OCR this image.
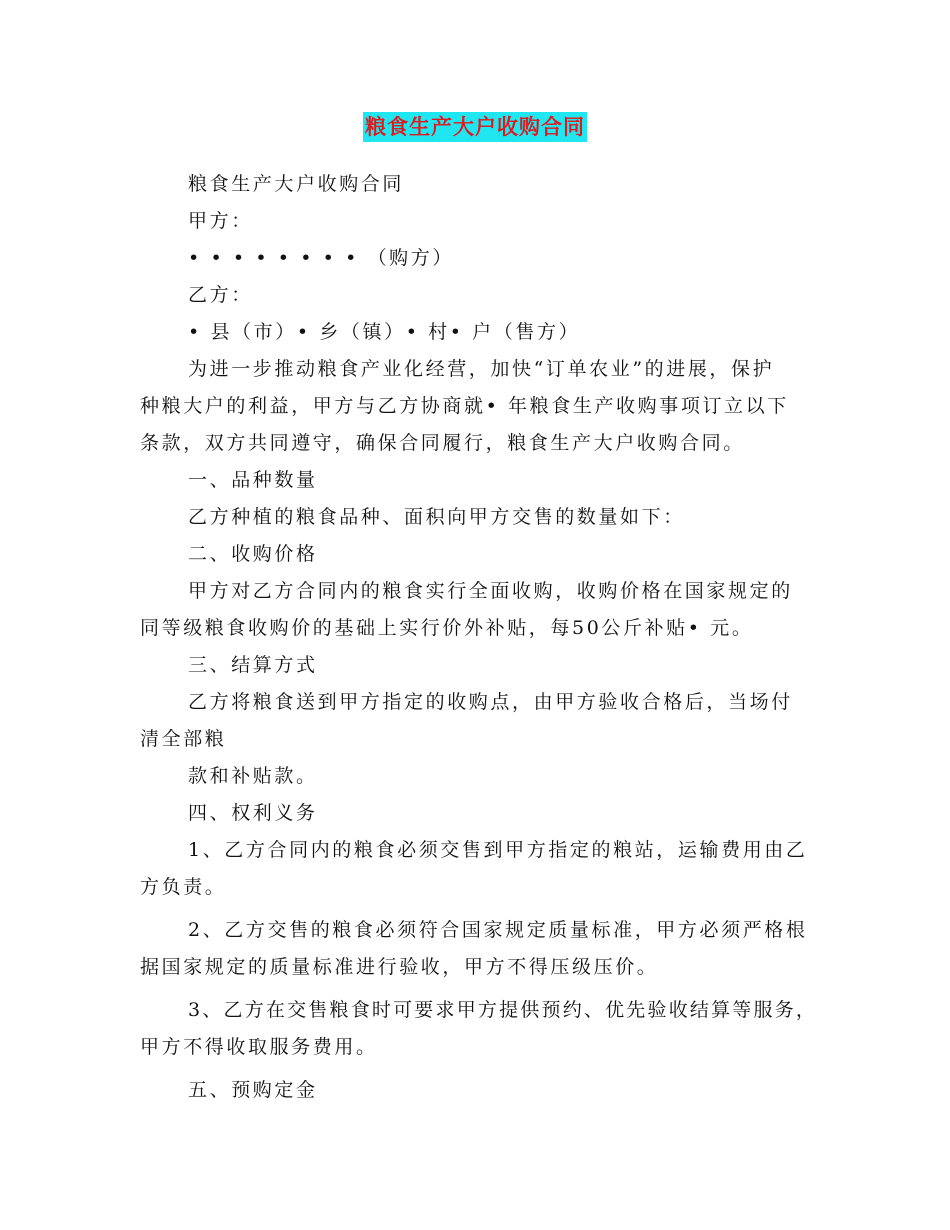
粮食生产大户收购合同

粮食生产大户收购合同

甲方：

• • • • • • • • （购方）

乙方：

• 县（市）• 乡（镇）• 村• 户（售方）

为进一步推动粮食产业化经营，加快“订单农业”的进展，保护

种粮大户的利益，甲方与乙方协商就• 年粮食生产收购事项订立以下

条款，双方共同遵守，确保合同履行，粮食生产大户收购合同。

一、品种数量

乙方种植的粮食品种、面积向甲方交售的数量如下：

二、收购价格

甲方对乙方合同内的粮食实行全面收购，收购价格在国家规定的

同等级粮食收购价的基础上实行价外补贴，每50公斤补贴• 元。

三、结算方式

乙方将粮食送到甲方指定的收购点，由甲方验收合格后，当场付

清全部粮

款和补贴款。

四、权利义务

1、乙方合同内的粮食必须交售到甲方指定的粮站，运输费用由乙

方负责。

2、乙方交售的粮食必须符合国家规定质量标准，甲方必须严格根

据国家规定的质量标准进行验收，甲方不得压级压价。

3、乙方在交售粮食时可要求甲方提供预约、优先验收结算等服务，

甲方不得收取服务费用。

五、预购定金
